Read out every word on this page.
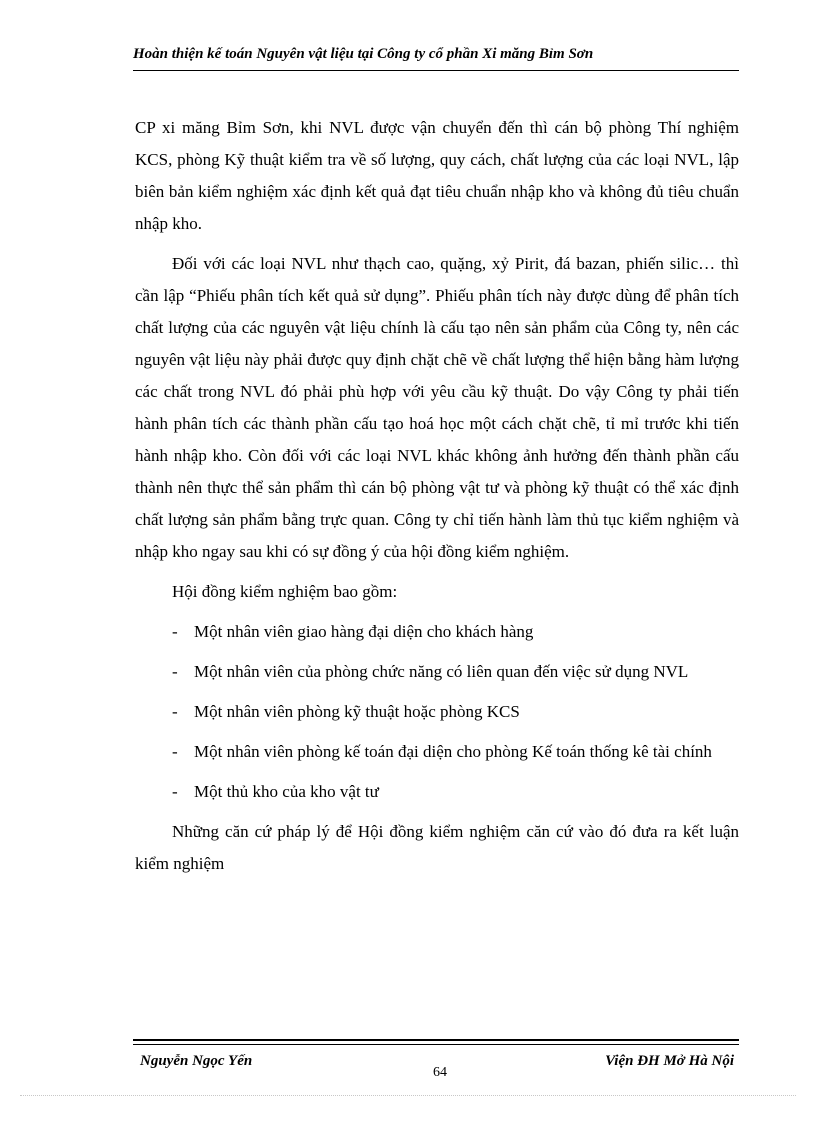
Hoàn thiện kế toán Nguyên vật liệu tại Công ty cổ phần Xi măng Bỉm Sơn

CP xi măng Bỉm Sơn, khi NVL được vận chuyển đến thì cán bộ phòng Thí nghiệm KCS, phòng Kỹ thuật kiểm tra về số lượng, quy cách, chất lượng của các loại NVL, lập biên bản kiểm nghiệm xác định kết quả đạt tiêu chuẩn nhập kho và không đủ tiêu chuẩn nhập kho.

Đối với các loại NVL như thạch cao, quặng, xỷ Pirit, đá bazan, phiến silic… thì cần lập “Phiếu phân tích kết quả sử dụng”. Phiếu phân tích này được dùng để phân tích chất lượng của các nguyên vật liệu chính là cấu tạo nên sản phẩm của Công ty, nên các nguyên vật liệu này phải được quy định chặt chẽ về chất lượng thể hiện bằng hàm lượng các chất trong NVL đó phải phù hợp với yêu cầu kỹ thuật. Do vậy Công ty phải tiến hành phân tích các thành phần cấu tạo hoá học một cách chặt chẽ, tỉ mỉ trước khi tiến hành nhập kho. Còn đối với các loại NVL khác không ảnh hưởng đến thành phần cấu thành nên thực thể sản phẩm thì cán bộ phòng vật tư và phòng kỹ thuật có thể xác định chất lượng sản phẩm bằng trực quan. Công ty chỉ tiến hành làm thủ tục kiểm nghiệm và nhập kho ngay sau khi có sự đồng ý của hội đồng kiểm nghiệm.

Hội đồng kiểm nghiệm bao gồm:

- Một nhân viên giao hàng đại diện cho khách hàng

- Một nhân viên của phòng chức năng có liên quan đến việc sử dụng NVL

- Một nhân viên phòng kỹ thuật hoặc phòng KCS

- Một nhân viên phòng kế toán đại diện cho phòng Kế toán thống kê tài chính

- Một thủ kho của kho vật tư

Những căn cứ pháp lý để Hội đồng kiểm nghiệm căn cứ vào đó đưa ra kết luận kiểm nghiệm

Nguyễn Ngọc Yến
64
Viện ĐH Mở Hà Nội
